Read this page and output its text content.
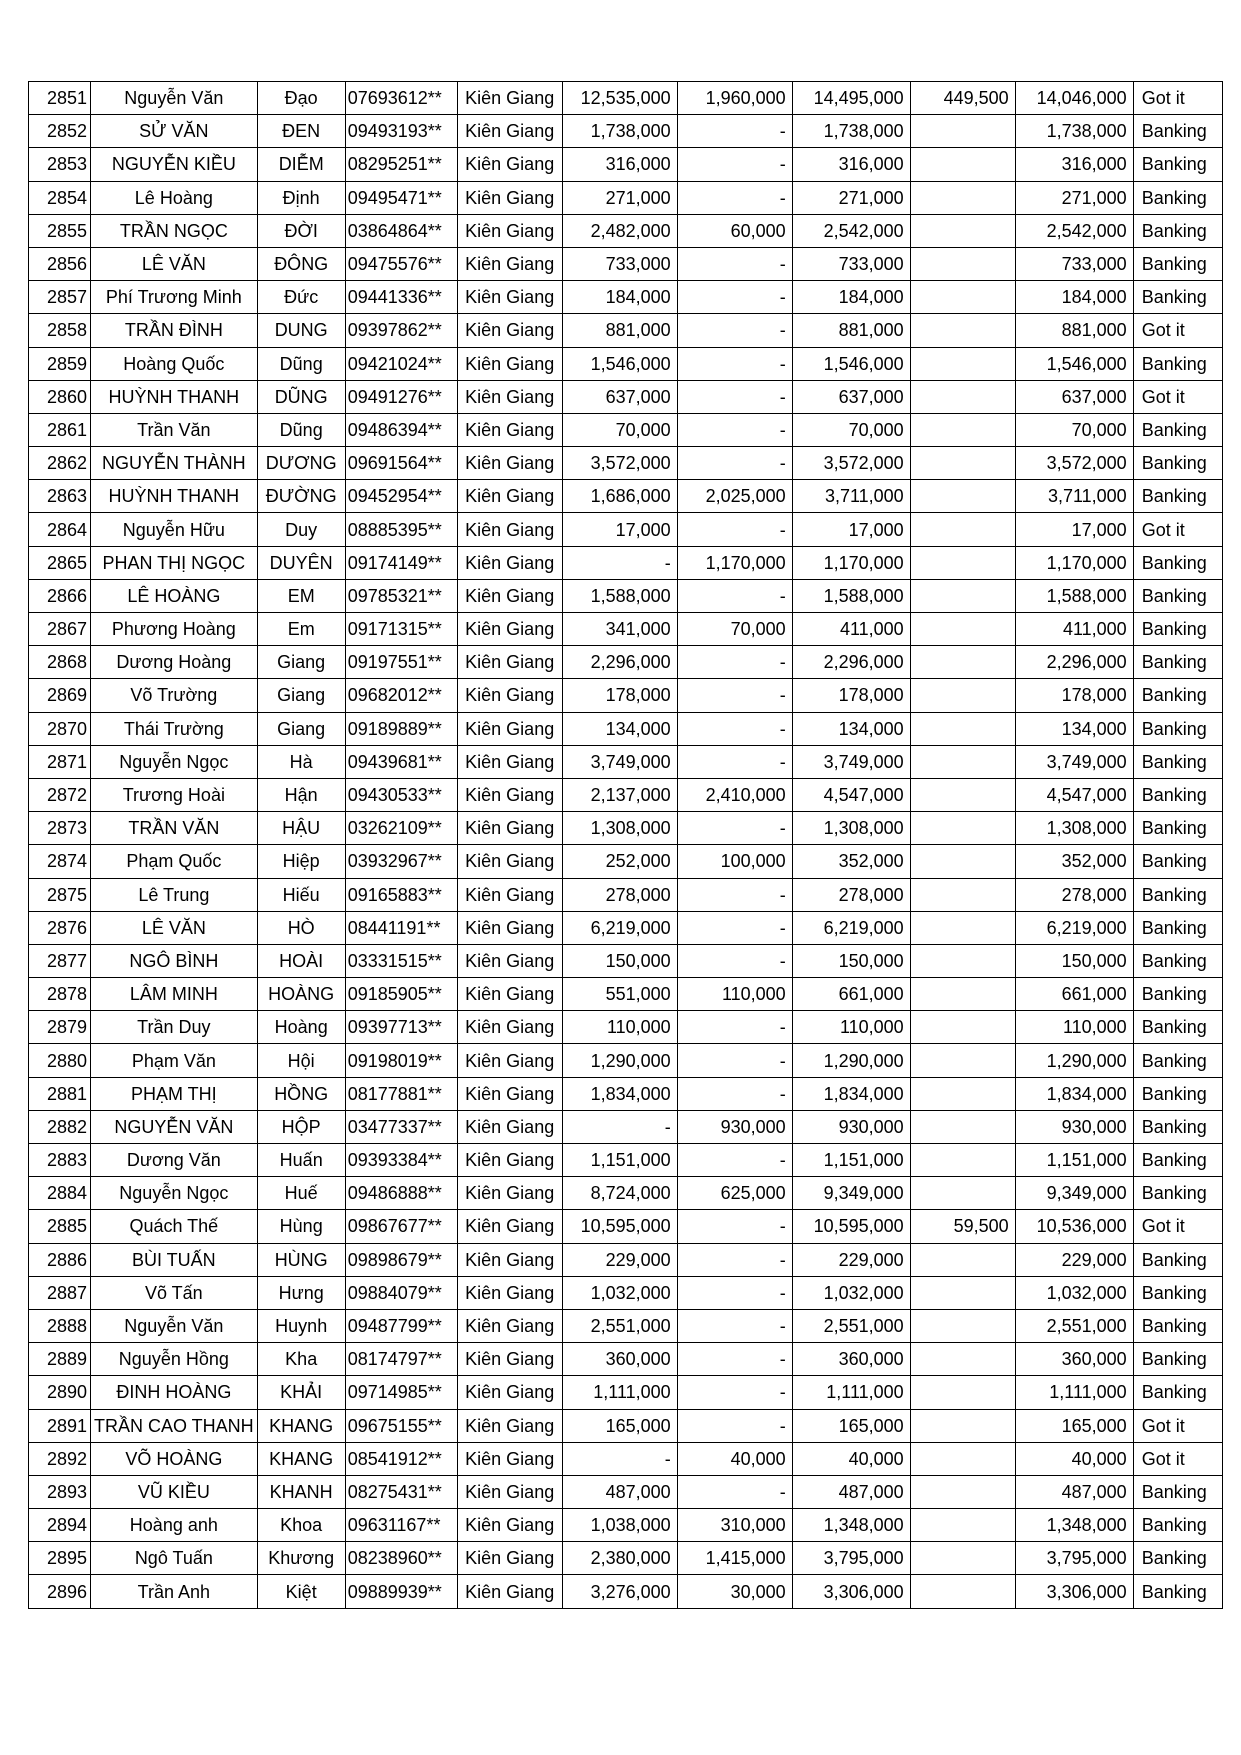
2851	Nguyễn Văn	Đạo	07693612**	Kiên Giang	12,535,000	1,960,000	14,495,000	449,500	14,046,000	Got it
2852	SỬ VĂN	ĐEN	09493193**	Kiên Giang	1,738,000	-	1,738,000		1,738,000	Banking
2853	NGUYỄN KIỀU	DIỄM	08295251**	Kiên Giang	316,000	-	316,000		316,000	Banking
2854	Lê Hoàng	Định	09495471**	Kiên Giang	271,000	-	271,000		271,000	Banking
2855	TRẦN NGỌC	ĐỜI	03864864**	Kiên Giang	2,482,000	60,000	2,542,000		2,542,000	Banking
2856	LÊ VĂN	ĐÔNG	09475576**	Kiên Giang	733,000	-	733,000		733,000	Banking
2857	Phí Trương Minh	Đức	09441336**	Kiên Giang	184,000	-	184,000		184,000	Banking
2858	TRẦN ĐÌNH	DUNG	09397862**	Kiên Giang	881,000	-	881,000		881,000	Got it
2859	Hoàng Quốc	Dũng	09421024**	Kiên Giang	1,546,000	-	1,546,000		1,546,000	Banking
2860	HUỲNH THANH	DŨNG	09491276**	Kiên Giang	637,000	-	637,000		637,000	Got it
2861	Trần Văn	Dũng	09486394**	Kiên Giang	70,000	-	70,000		70,000	Banking
2862	NGUYỄN THÀNH	DƯƠNG	09691564**	Kiên Giang	3,572,000	-	3,572,000		3,572,000	Banking
2863	HUỲNH THANH	ĐƯỜNG	09452954**	Kiên Giang	1,686,000	2,025,000	3,711,000		3,711,000	Banking
2864	Nguyễn Hữu	Duy	08885395**	Kiên Giang	17,000	-	17,000		17,000	Got it
2865	PHAN THỊ NGỌC	DUYÊN	09174149**	Kiên Giang	-	1,170,000	1,170,000		1,170,000	Banking
2866	LÊ HOÀNG	EM	09785321**	Kiên Giang	1,588,000	-	1,588,000		1,588,000	Banking
2867	Phương Hoàng	Em	09171315**	Kiên Giang	341,000	70,000	411,000		411,000	Banking
2868	Dương Hoàng	Giang	09197551**	Kiên Giang	2,296,000	-	2,296,000		2,296,000	Banking
2869	Võ Trường	Giang	09682012**	Kiên Giang	178,000	-	178,000		178,000	Banking
2870	Thái Trường	Giang	09189889**	Kiên Giang	134,000	-	134,000		134,000	Banking
2871	Nguyễn Ngọc	Hà	09439681**	Kiên Giang	3,749,000	-	3,749,000		3,749,000	Banking
2872	Trương Hoài	Hận	09430533**	Kiên Giang	2,137,000	2,410,000	4,547,000		4,547,000	Banking
2873	TRẦN VĂN	HẬU	03262109**	Kiên Giang	1,308,000	-	1,308,000		1,308,000	Banking
2874	Phạm Quốc	Hiệp	03932967**	Kiên Giang	252,000	100,000	352,000		352,000	Banking
2875	Lê Trung	Hiếu	09165883**	Kiên Giang	278,000	-	278,000		278,000	Banking
2876	LÊ VĂN	HÒ	08441191**	Kiên Giang	6,219,000	-	6,219,000		6,219,000	Banking
2877	NGÔ BÌNH	HOÀI	03331515**	Kiên Giang	150,000	-	150,000		150,000	Banking
2878	LÂM MINH	HOÀNG	09185905**	Kiên Giang	551,000	110,000	661,000		661,000	Banking
2879	Trần Duy	Hoàng	09397713**	Kiên Giang	110,000	-	110,000		110,000	Banking
2880	Phạm Văn	Hội	09198019**	Kiên Giang	1,290,000	-	1,290,000		1,290,000	Banking
2881	PHẠM THỊ	HỒNG	08177881**	Kiên Giang	1,834,000	-	1,834,000		1,834,000	Banking
2882	NGUYỄN VĂN	HỘP	03477337**	Kiên Giang	-	930,000	930,000		930,000	Banking
2883	Dương Văn	Huấn	09393384**	Kiên Giang	1,151,000	-	1,151,000		1,151,000	Banking
2884	Nguyễn Ngọc	Huế	09486888**	Kiên Giang	8,724,000	625,000	9,349,000		9,349,000	Banking
2885	Quách Thế	Hùng	09867677**	Kiên Giang	10,595,000	-	10,595,000	59,500	10,536,000	Got it
2886	BÙI TUẤN	HÙNG	09898679**	Kiên Giang	229,000	-	229,000		229,000	Banking
2887	Võ Tấn	Hưng	09884079**	Kiên Giang	1,032,000	-	1,032,000		1,032,000	Banking
2888	Nguyễn Văn	Huynh	09487799**	Kiên Giang	2,551,000	-	2,551,000		2,551,000	Banking
2889	Nguyễn Hồng	Kha	08174797**	Kiên Giang	360,000	-	360,000		360,000	Banking
2890	ĐINH HOÀNG	KHẢI	09714985**	Kiên Giang	1,111,000	-	1,111,000		1,111,000	Banking
2891	TRẦN CAO THANH	KHANG	09675155**	Kiên Giang	165,000	-	165,000		165,000	Got it
2892	VÕ HOÀNG	KHANG	08541912**	Kiên Giang	-	40,000	40,000		40,000	Got it
2893	VŨ KIỀU	KHANH	08275431**	Kiên Giang	487,000	-	487,000		487,000	Banking
2894	Hoàng anh	Khoa	09631167**	Kiên Giang	1,038,000	310,000	1,348,000		1,348,000	Banking
2895	Ngô Tuấn	Khương	08238960**	Kiên Giang	2,380,000	1,415,000	3,795,000		3,795,000	Banking
2896	Trần Anh	Kiệt	09889939**	Kiên Giang	3,276,000	30,000	3,306,000		3,306,000	Banking
